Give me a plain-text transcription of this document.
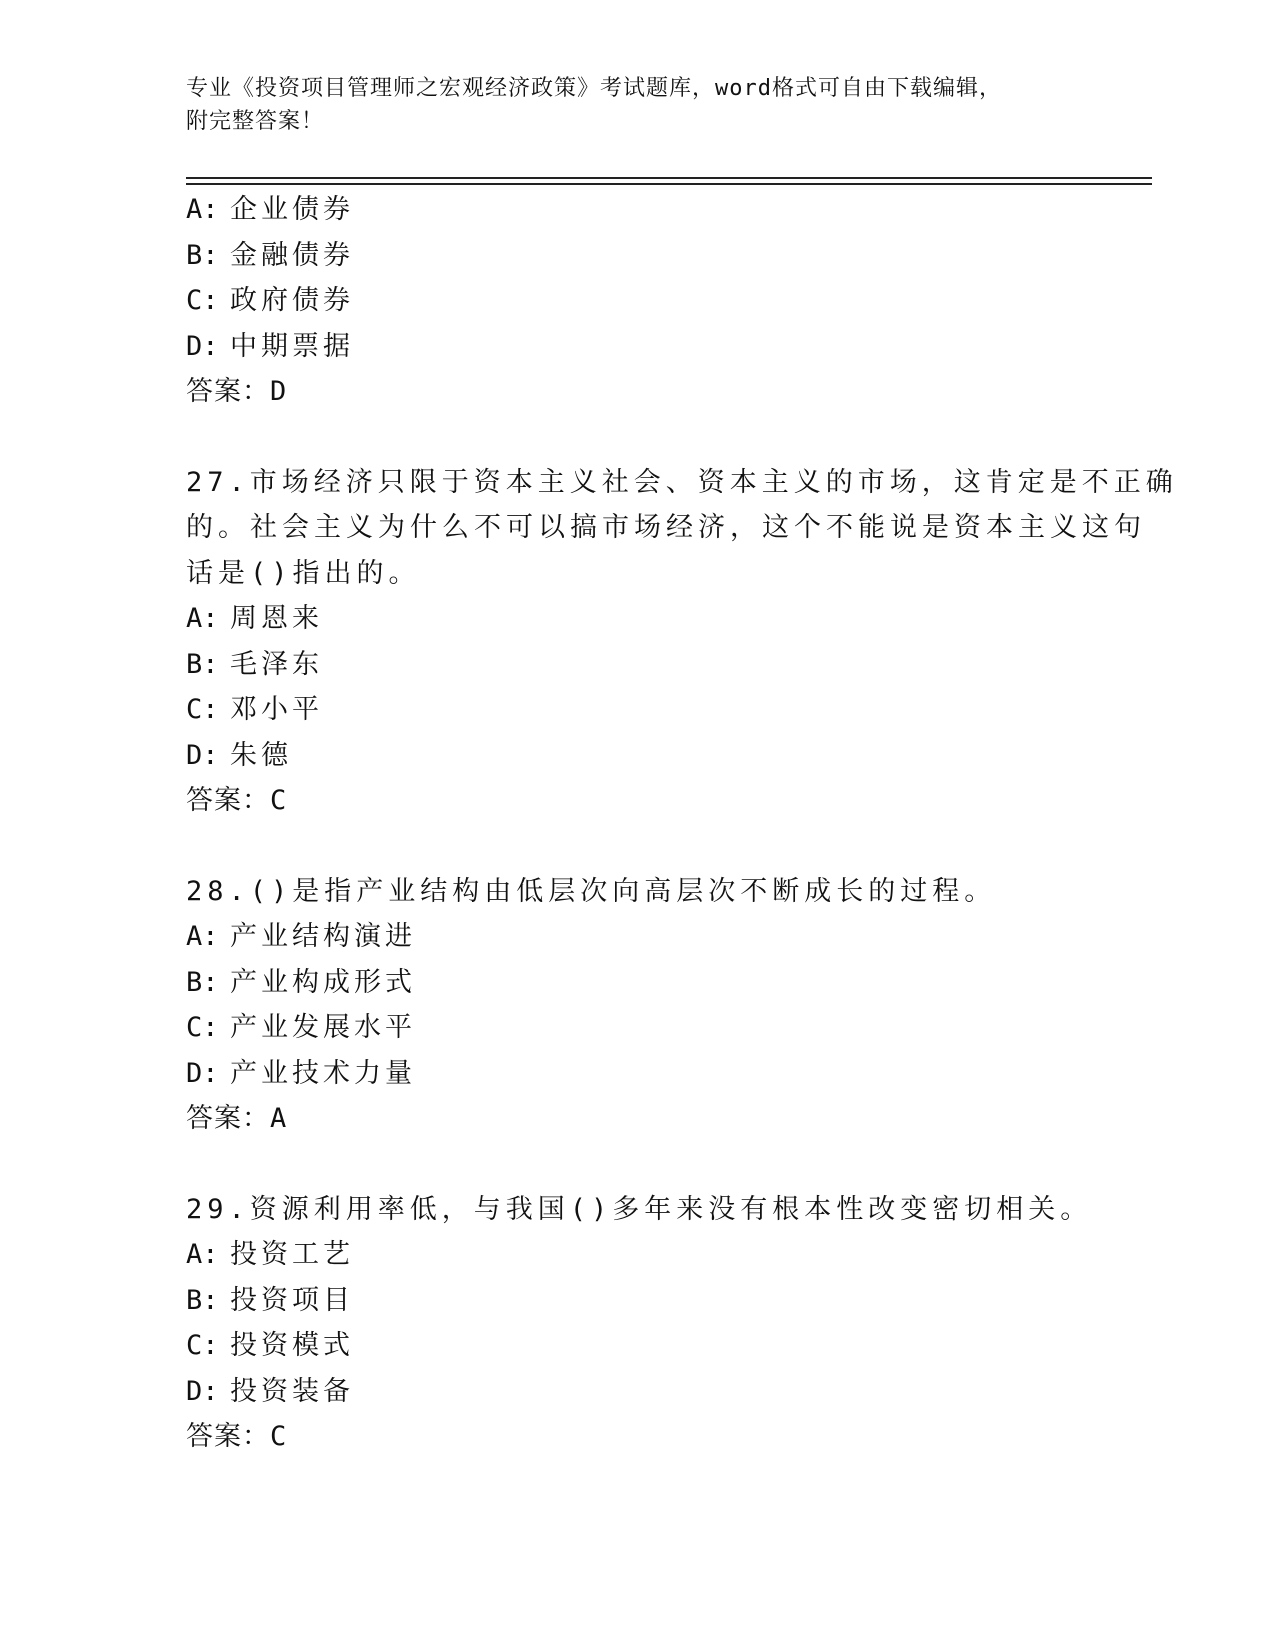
专业《投资项目管理师之宏观经济政策》考试题库，word格式可自由下载编辑，
附完整答案！
A: 企业债券
B: 金融债券
C: 政府债券
D: 中期票据
答案：D
27.市场经济只限于资本主义社会、资本主义的市场，这肯定是不正确
的。社会主义为什么不可以搞市场经济，这个不能说是资本主义这句
话是()指出的。
A: 周恩来
B: 毛泽东
C: 邓小平
D: 朱德
答案：C
28.()是指产业结构由低层次向高层次不断成长的过程。
A: 产业结构演进
B: 产业构成形式
C: 产业发展水平
D: 产业技术力量
答案：A
29.资源利用率低，与我国()多年来没有根本性改变密切相关。
A: 投资工艺
B: 投资项目
C: 投资模式
D: 投资装备
答案：C
